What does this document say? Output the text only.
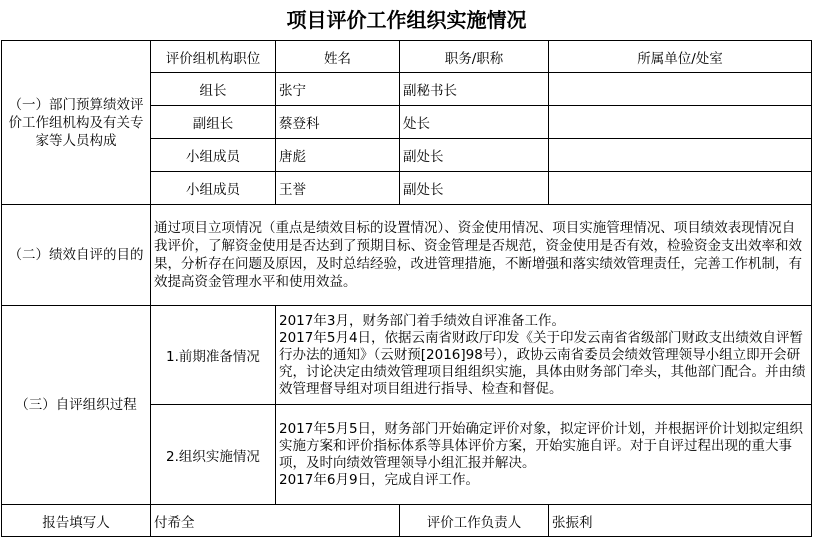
项目评价工作组织实施情况
（一）部门预算绩效评价工作组机构及有关专家等人员构成	评价组机构职位	姓名	职务/职称	所属单位/处室
	组长	张宁	副秘书长	
	副组长	蔡登科	处长	
	小组成员	唐彪	副处长	
	小组成员	王誉	副处长	
（二）绩效自评的目的	通过项目立项情况（重点是绩效目标的设置情况）、资金使用情况、项目实施管理情况、项目绩效表现情况自我评价，了解资金使用是否达到了预期目标、资金管理是否规范，资金使用是否有效，检验资金支出效率和效果，分析存在问题及原因，及时总结经验，改进管理措施，不断增强和落实绩效管理责任，完善工作机制，有效提高资金管理水平和使用效益。			
（三）自评组织过程	1.前期准备情况	2017年3月，财务部门着手绩效自评准备工作。
2017年5月4日，依据云南省财政厅印发《关于印发云南省省级部门财政支出绩效自评暂行办法的通知》（云财预[2016]98号），政协云南省委员会绩效管理领导小组立即开会研究，讨论决定由绩效管理项目组组织实施，具体由财务部门牵头，其他部门配合。并由绩效管理督导组对项目组进行指导、检查和督促。		

	2.组织实施情况	2017年5月5日，财务部门开始确定评价对象，拟定评价计划，并根据评价计划拟定组织实施方案和评价指标体系等具体评价方案，开始实施自评。对于自评过程出现的重大事项，及时向绩效管理领导小组汇报并解决。
2017年6月9日，完成自评工作。		

报告填写人	付希全		评价工作负责人	张振利
